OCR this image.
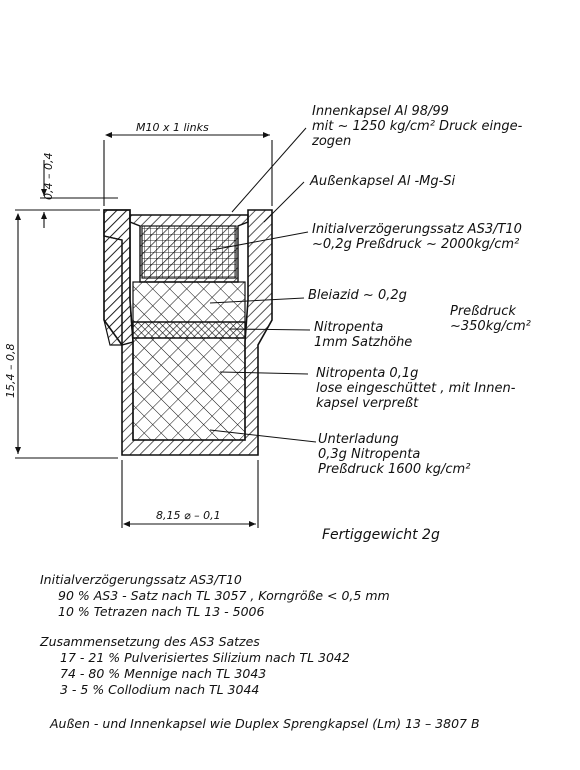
M10 x 1 links
0,4 – 0,4
15,4 – 0,8
8,15 ⌀ – 0,1
Innenkapsel Al 98/99
mit ~ 1250 kg/cm² Druck einge-
zogen
Außenkapsel Al -Mg-Si
Initialverzögerungssatz AS3/T10
~0,2g Preßdruck ~ 2000kg/cm²
Bleiazid ~ 0,2g
Preßdruck
~350kg/cm²
Nitropenta
1mm Satzhöhe
Nitropenta 0,1g
lose eingeschüttet , mit Innen-
kapsel verpreßt
Unterladung
0,3g Nitropenta
Preßdruck 1600 kg/cm²
Fertiggewicht 2g
Initialverzögerungssatz AS3/T10
90 % AS3 - Satz nach TL 3057 , Korngröße < 0,5 mm
10 % Tetrazen nach TL 13 - 5006
Zusammensetzung des AS3 Satzes
17 - 21 % Pulverisiertes Silizium nach TL 3042
74 - 80 % Mennige nach TL 3043
3 - 5 % Collodium nach TL 3044
Außen - und Innenkapsel wie Duplex Sprengkapsel (Lm) 13 – 3807 B
